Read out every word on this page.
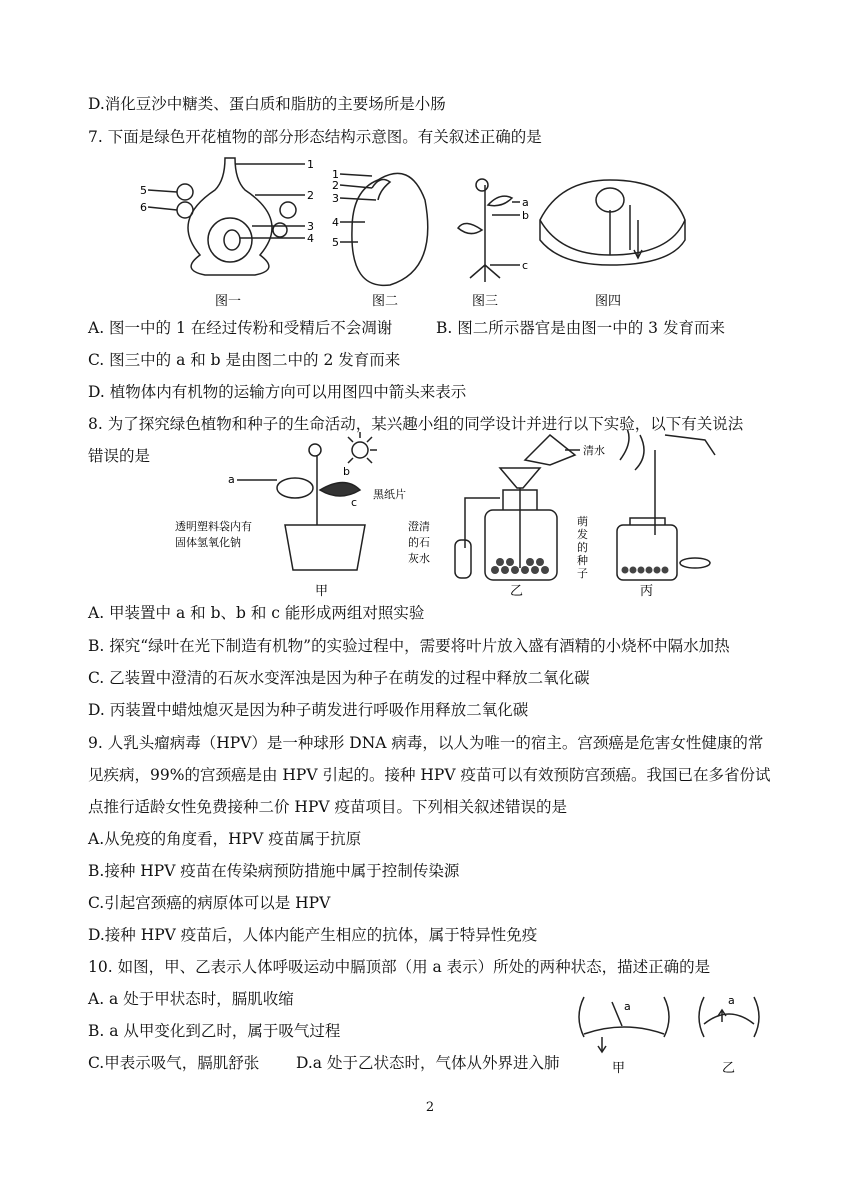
D.消化豆沙中糖类、蛋白质和脂肪的主要场所是小肠
7. 下面是绿色开花植物的部分形态结构示意图。有关叙述正确的是
图一	图二	图三	图四
1
2
3
4
5
6
1
2
3
4
5
a
b
c
A. 图一中的 1 在经过传粉和受精后不会凋谢	B. 图二所示器官是由图一中的 3 发育而来
C. 图三中的 a 和 b 是由图二中的 2 发育而来
D. 植物体内有机物的运输方向可以用图四中箭头来表示
8. 为了探究绿色植物和种子的生命活动，某兴趣小组的同学设计并进行以下实验，以下有关说法
错误的是
a
b
c
黑纸片
透明塑料袋内有
固体氢氧化钠
清水
澄清
的石
灰水
萌
发
的
种
子
甲	乙	丙
A. 甲装置中 a 和 b、b 和 c 能形成两组对照实验
B. 探究“绿叶在光下制造有机物”的实验过程中，需要将叶片放入盛有酒精的小烧杯中隔水加热
C. 乙装置中澄清的石灰水变浑浊是因为种子在萌发的过程中释放二氧化碳
D. 丙装置中蜡烛熄灭是因为种子萌发进行呼吸作用释放二氧化碳
9. 人乳头瘤病毒（HPV）是一种球形 DNA 病毒，以人为唯一的宿主。宫颈癌是危害女性健康的常
见疾病，99%的宫颈癌是由 HPV 引起的。接种 HPV 疫苗可以有效预防宫颈癌。我国已在多省份试
点推行适龄女性免费接种二价 HPV 疫苗项目。下列相关叙述错误的是
A.从免疫的角度看，HPV 疫苗属于抗原
B.接种 HPV 疫苗在传染病预防措施中属于控制传染源
C.引起宫颈癌的病原体可以是 HPV
D.接种 HPV 疫苗后，人体内能产生相应的抗体，属于特异性免疫
10. 如图，甲、乙表示人体呼吸运动中膈顶部（用 a 表示）所处的两种状态，描述正确的是
A. a 处于甲状态时，膈肌收缩
B. a 从甲变化到乙时，属于吸气过程
C.甲表示吸气，膈肌舒张 D.a 处于乙状态时，气体从外界进入肺
a	a
甲	乙
2
